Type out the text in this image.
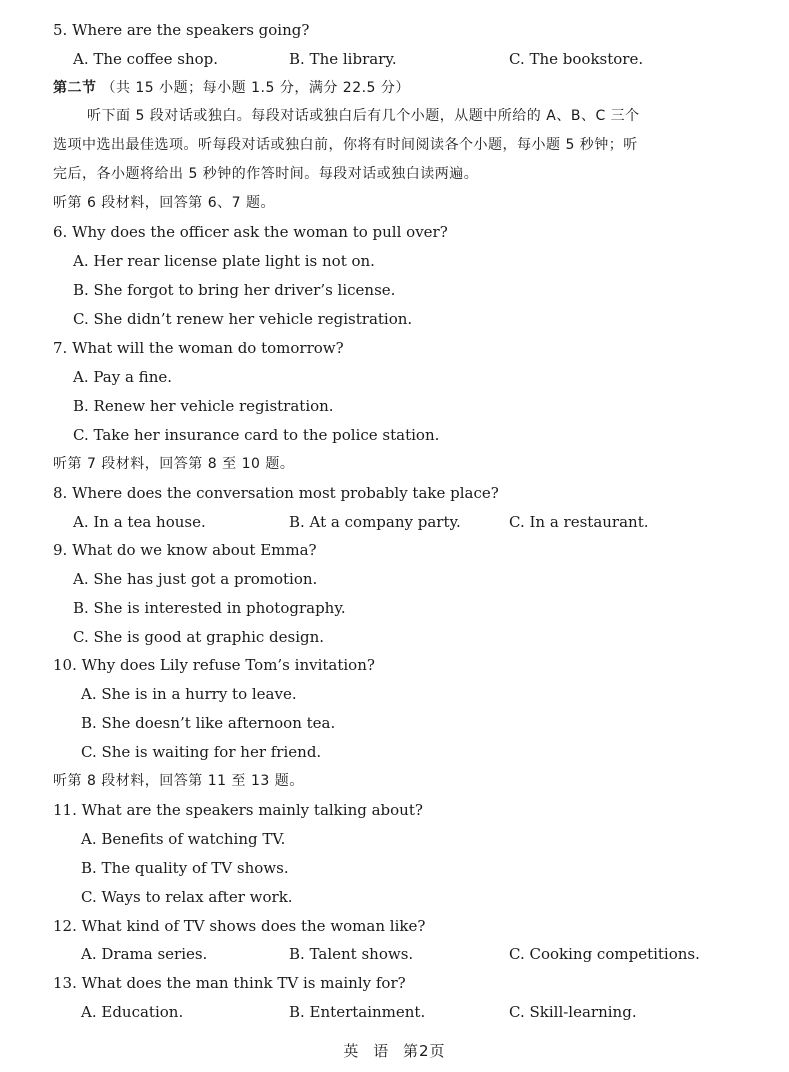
5. Where are the speakers going?
A. The coffee shop.	B. The library.	C. The bookstore.
第二节 （共 15 小题；每小题 1.5 分，满分 22.5 分）
听下面 5 段对话或独白。每段对话或独白后有几个小题，从题中所给的 A、B、C 三个
选项中选出最佳选项。听每段对话或独白前，你将有时间阅读各个小题，每小题 5 秒钟；听
完后，各小题将给出 5 秒钟的作答时间。每段对话或独白读两遍。
听第 6 段材料，回答第 6、7 题。
6. Why does the officer ask the woman to pull over?
A. Her rear license plate light is not on.
B. She forgot to bring her driver’s license.
C. She didn’t renew her vehicle registration.
7. What will the woman do tomorrow?
A. Pay a fine.
B. Renew her vehicle registration.
C. Take her insurance card to the police station.
听第 7 段材料，回答第 8 至 10 题。
8. Where does the conversation most probably take place?
A. In a tea house.	B. At a company party.	C. In a restaurant.
9. What do we know about Emma?
A. She has just got a promotion.
B. She is interested in photography.
C. She is good at graphic design.
10. Why does Lily refuse Tom’s invitation?
A. She is in a hurry to leave.
B. She doesn’t like afternoon tea.
C. She is waiting for her friend.
听第 8 段材料，回答第 11 至 13 题。
11. What are the speakers mainly talking about?
A. Benefits of watching TV.
B. The quality of TV shows.
C. Ways to relax after work.
12. What kind of TV shows does the woman like?
A. Drama series.	B. Talent shows.	C. Cooking competitions.
13. What does the man think TV is mainly for?
A. Education.	B. Entertainment.	C. Skill-learning.
英 语 第2页
